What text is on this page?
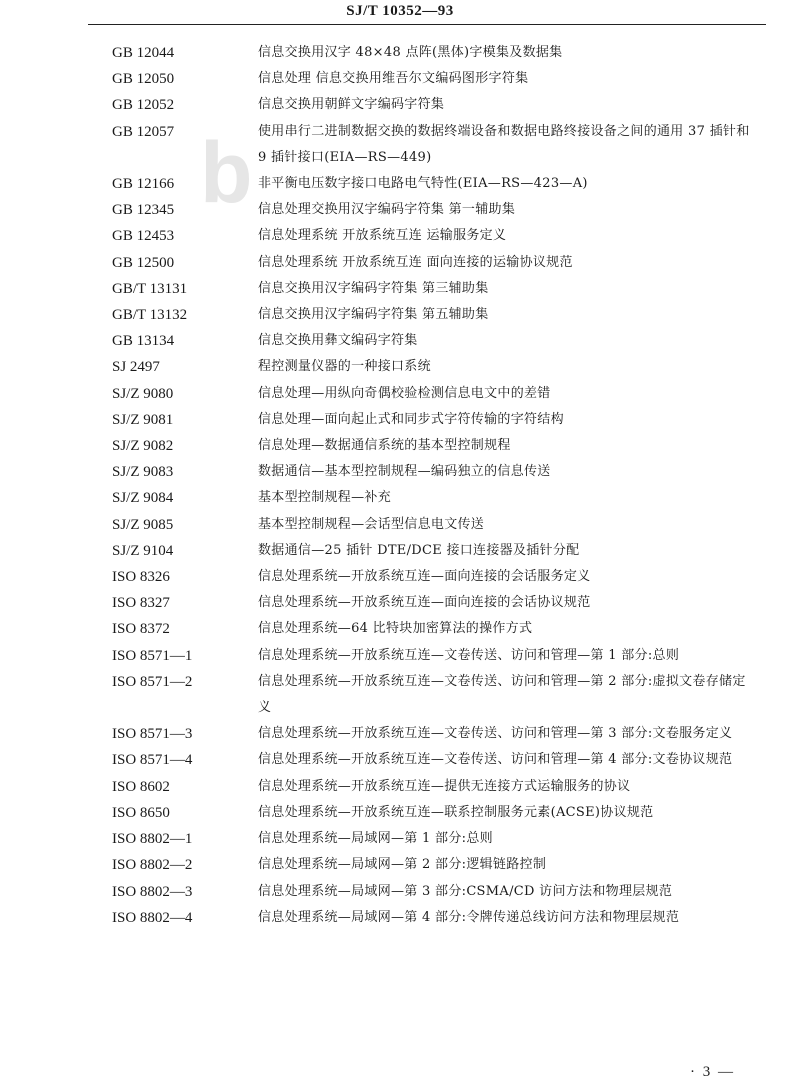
SJ/T 10352—93
b
GB 12044	信息交换用汉字 48×48 点阵(黑体)字模集及数据集
GB 12050	信息处理 信息交换用维吾尔文编码图形字符集
GB 12052	信息交换用朝鲜文字编码字符集
GB 12057	使用串行二进制数据交换的数据终端设备和数据电路终接设备之间的通用 37 插针和 9 插针接口(EIA—RS—449)
GB 12166	非平衡电压数字接口电路电气特性(EIA—RS—423—A)
GB 12345	信息处理交换用汉字编码字符集 第一辅助集
GB 12453	信息处理系统 开放系统互连 运输服务定义
GB 12500	信息处理系统 开放系统互连 面向连接的运输协议规范
GB/T 13131	信息交换用汉字编码字符集 第三辅助集
GB/T 13132	信息交换用汉字编码字符集 第五辅助集
GB 13134	信息交换用彝文编码字符集
SJ 2497	程控测量仪器的一种接口系统
SJ/Z 9080	信息处理—用纵向奇偶校验检测信息电文中的差错
SJ/Z 9081	信息处理—面向起止式和同步式字符传输的字符结构
SJ/Z 9082	信息处理—数据通信系统的基本型控制规程
SJ/Z 9083	数据通信—基本型控制规程—编码独立的信息传送
SJ/Z 9084	基本型控制规程—补充
SJ/Z 9085	基本型控制规程—会话型信息电文传送
SJ/Z 9104	数据通信—25 插针 DTE/DCE 接口连接器及插针分配
ISO 8326	信息处理系统—开放系统互连—面向连接的会话服务定义
ISO 8327	信息处理系统—开放系统互连—面向连接的会话协议规范
ISO 8372	信息处理系统—64 比特块加密算法的操作方式
ISO 8571—1	信息处理系统—开放系统互连—文卷传送、访问和管理—第 1 部分:总则
ISO 8571—2	信息处理系统—开放系统互连—文卷传送、访问和管理—第 2 部分:虚拟文卷存储定义
ISO 8571—3	信息处理系统—开放系统互连—文卷传送、访问和管理—第 3 部分:文卷服务定义
ISO 8571—4	信息处理系统—开放系统互连—文卷传送、访问和管理—第 4 部分:文卷协议规范
ISO 8602	信息处理系统—开放系统互连—提供无连接方式运输服务的协议
ISO 8650	信息处理系统—开放系统互连—联系控制服务元素(ACSE)协议规范
ISO 8802—1	信息处理系统—局域网—第 1 部分:总则
ISO 8802—2	信息处理系统—局域网—第 2 部分:逻辑链路控制
ISO 8802—3	信息处理系统—局域网—第 3 部分:CSMA/CD 访问方法和物理层规范
ISO 8802—4	信息处理系统—局域网—第 4 部分:令牌传递总线访问方法和物理层规范
· 3 —
